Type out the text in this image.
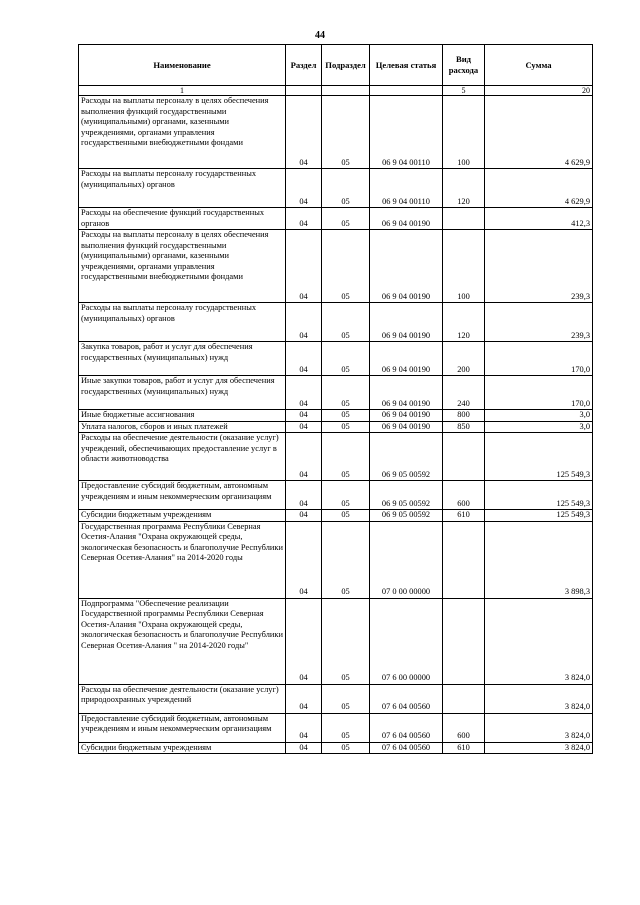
44
Наименование	Раздел	Подраздел	Целевая статья	Вид расхода	Сумма
1				5	20
Расходы на выплаты персоналу в целях обеспечения выполнения функций государственными (муниципальными) органами, казенными учреждениями, органами управления государственными внебюджетными фондами	04	05	06 9 04 00110	100	4 629,9
Расходы на выплаты персоналу государственных (муниципальных) органов	04	05	06 9 04 00110	120	4 629,9
Расходы на обеспечение функций государственных органов	04	05	06 9 04 00190		412,3
Расходы на выплаты персоналу в целях обеспечения выполнения функций государственными (муниципальными) органами, казенными учреждениями, органами управления государственными внебюджетными фондами	04	05	06 9 04 00190	100	239,3
Расходы на выплаты персоналу государственных (муниципальных) органов	04	05	06 9 04 00190	120	239,3
Закупка товаров, работ и услуг для обеспечения государственных (муниципальных) нужд	04	05	06 9 04 00190	200	170,0
Иные закупки товаров, работ и услуг для обеспечения государственных (муниципальных) нужд	04	05	06 9 04 00190	240	170,0
Иные бюджетные ассигнования	04	05	06 9 04 00190	800	3,0
Уплата налогов, сборов и иных платежей	04	05	06 9 04 00190	850	3,0
Расходы на обеспечение деятельности (оказание услуг) учреждений, обеспечивающих предоставление услуг в области животноводства	04	05	06 9 05 00592		125 549,3
Предоставление субсидий бюджетным, автономным учреждениям и иным некоммерческим организациям	04	05	06 9 05 00592	600	125 549,3
Субсидии бюджетным учреждениям	04	05	06 9 05 00592	610	125 549,3
Государственная программа Республики Северная Осетия-Алания "Охрана окружающей среды, экологическая безопасность и благополучие Республики Северная Осетия-Алания" на 2014-2020 годы	04	05	07 0 00 00000		3 898,3
Подпрограмма "Обеспечение реализации Государственной программы Республики Северная Осетия-Алания "Охрана окружающей среды, экологическая безопасность и благополучие Республики Северная Осетия-Алания " на 2014-2020 годы"	04	05	07 6 00 00000		3 824,0
Расходы на обеспечение деятельности (оказание услуг) природоохранных учреждений	04	05	07 6 04 00560		3 824,0
Предоставление субсидий бюджетным, автономным учреждениям и иным некоммерческим организациям	04	05	07 6 04 00560	600	3 824,0
Субсидии бюджетным учреждениям	04	05	07 6 04 00560	610	3 824,0
